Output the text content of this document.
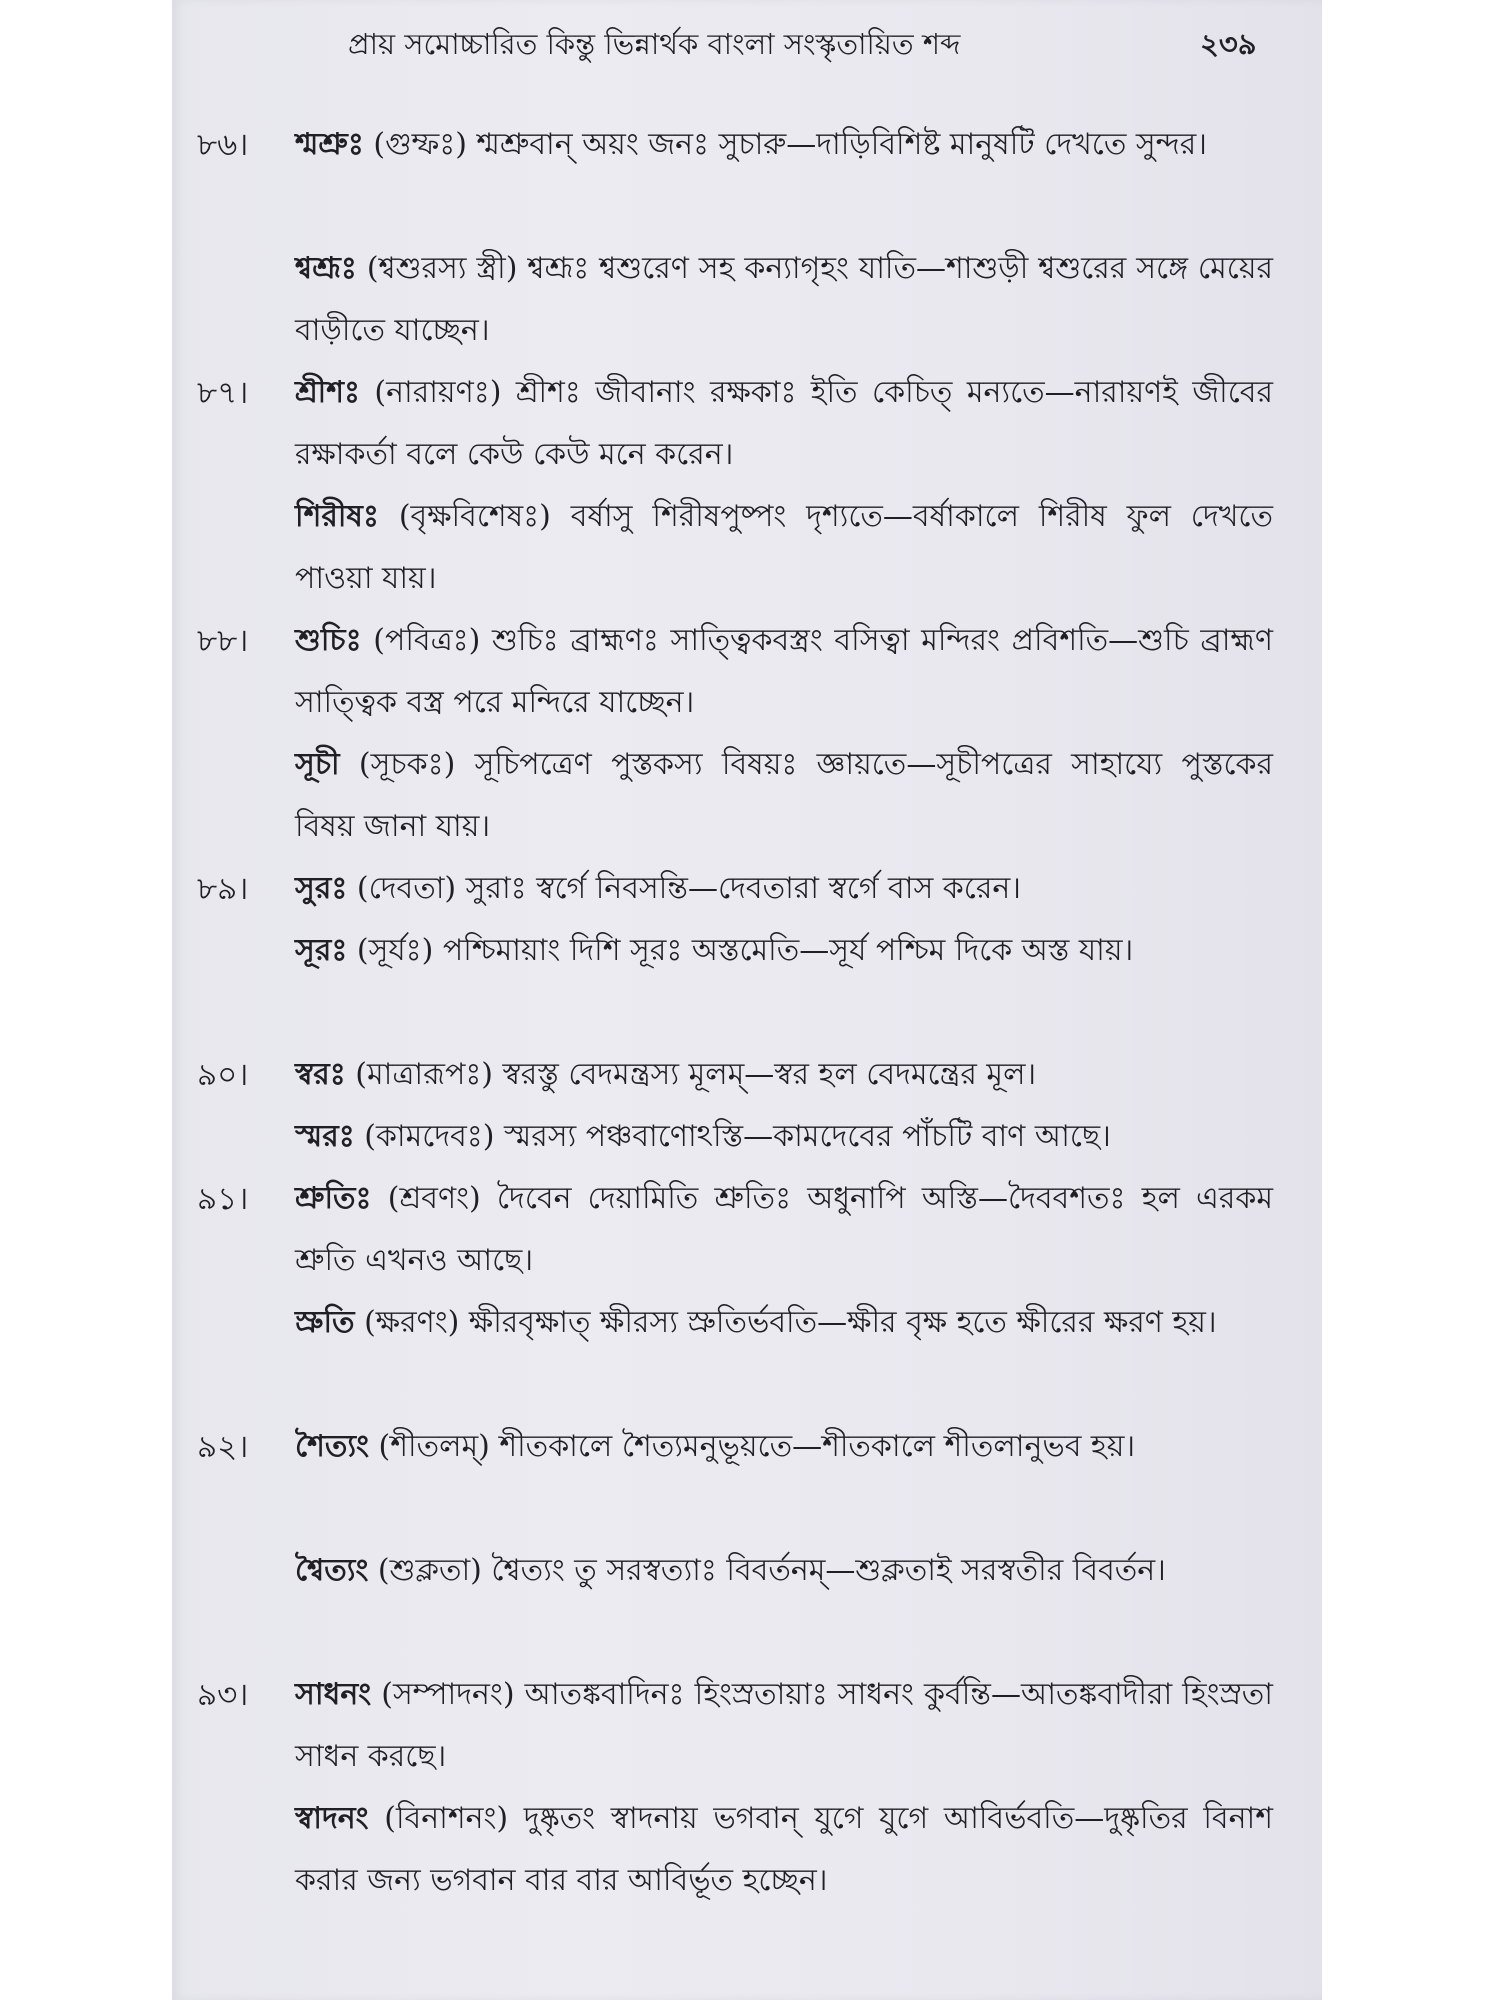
প্রায় সমোচ্চারিত কিন্তু ভিন্নার্থক বাংলা সংস্কৃতায়িত শব্দ	২৩৯
৮৬। শ্মশ্রুঃ (গুম্ফঃ) শ্মশ্রুবান্ অয়ং জনঃ সুচারু—দাড়িবিশিষ্ট মানুষটি দেখতে সুন্দর।
শ্বশ্রূঃ (শ্বশুরস্য স্ত্রী) শ্বশ্রূঃ শ্বশুরেণ সহ কন্যাগৃহং যাতি—শাশুড়ী শ্বশুরের সঙ্গে মেয়ের বাড়ীতে যাচ্ছেন।
৮৭। শ্রীশঃ (নারায়ণঃ) শ্রীশঃ জীবানাং রক্ষকাঃ ইতি কেচিত্ মন্যতে—নারায়ণই জীবের রক্ষাকর্তা বলে কেউ কেউ মনে করেন।
শিরীষঃ (বৃক্ষবিশেষঃ) বর্ষাসু শিরীষপুষ্পং দৃশ্যতে—বর্ষাকালে শিরীষ ফুল দেখতে পাওয়া যায়।
৮৮। শুচিঃ (পবিত্রঃ) শুচিঃ ব্রাহ্মণঃ সাত্ত্বিকবস্ত্রং বসিত্বা মন্দিরং প্রবিশতি—শুচি ব্রাহ্মণ সাত্ত্বিক বস্ত্র পরে মন্দিরে যাচ্ছেন।
সূচী (সূচকঃ) সূচিপত্রেণ পুস্তকস্য বিষয়ঃ জ্ঞায়তে—সূচীপত্রের সাহায্যে পুস্তকের বিষয় জানা যায়।
৮৯। সুরঃ (দেবতা) সুরাঃ স্বর্গে নিবসন্তি—দেবতারা স্বর্গে বাস করেন।
সূরঃ (সূর্যঃ) পশ্চিমায়াং দিশি সূরঃ অস্তমেতি—সূর্য পশ্চিম দিকে অস্ত যায়।
৯০। স্বরঃ (মাত্রারূপঃ) স্বরস্তু বেদমন্ত্রস্য মূলম্—স্বর হল বেদমন্ত্রের মূল।
স্মরঃ (কামদেবঃ) স্মরস্য পঞ্চবাণোঽস্তি—কামদেবের পাঁচটি বাণ আছে।
৯১। শ্রুতিঃ (শ্রবণং) দৈবেন দেয়ামিতি শ্রুতিঃ অধুনাপি অস্তি—দৈববশতঃ হল এরকম শ্রুতি এখনও আছে।
স্রুতি (ক্ষরণং) ক্ষীরবৃক্ষাত্ ক্ষীরস্য স্রুতির্ভবতি—ক্ষীর বৃক্ষ হতে ক্ষীরের ক্ষরণ হয়।
৯২। শৈত্যং (শীতলম্) শীতকালে শৈত্যমনুভূয়তে—শীতকালে শীতলানুভব হয়।
শ্বৈত্যং (শুক্লতা) শ্বৈত্যং তু সরস্বত্যাঃ বিবর্তনম্—শুক্লতাই সরস্বতীর বিবর্তন।
৯৩। সাধনং (সম্পাদনং) আতঙ্কবাদিনঃ হিংস্রতায়াঃ সাধনং কুর্বন্তি—আতঙ্কবাদীরা হিংস্রতা সাধন করছে।
স্বাদনং (বিনাশনং) দুষ্কৃতং স্বাদনায় ভগবান্ যুগে যুগে আবির্ভবতি—দুষ্কৃতির বিনাশ করার জন্য ভগবান বার বার আবির্ভূত হচ্ছেন।
